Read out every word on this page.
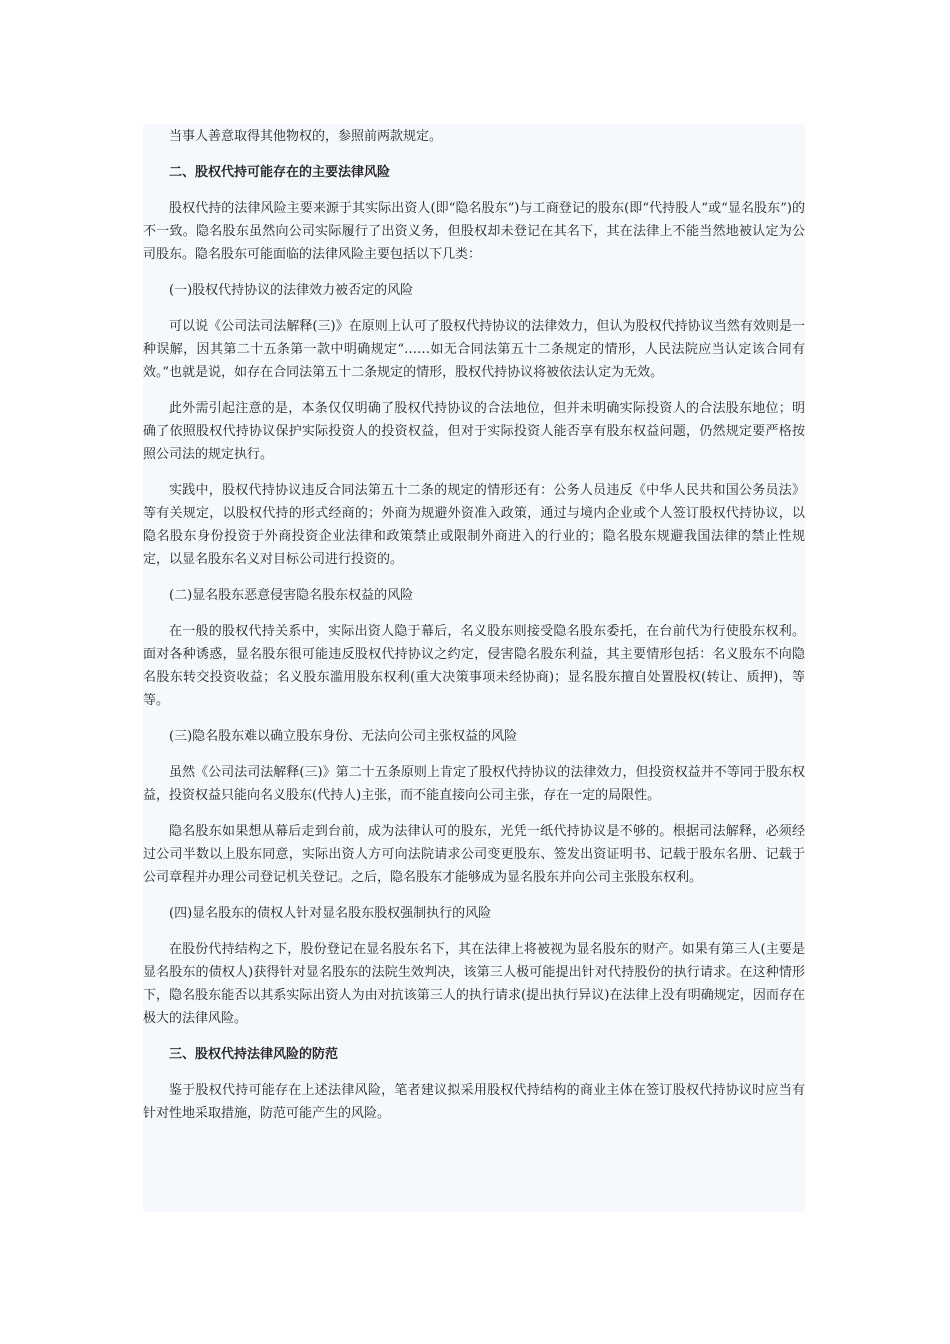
当事人善意取得其他物权的，参照前两款规定。

二、股权代持可能存在的主要法律风险

股权代持的法律风险主要来源于其实际出资人(即“隐名股东”)与工商登记的股东(即“代持股人”或“显名股东”)的不一致。隐名股东虽然向公司实际履行了出资义务，但股权却未登记在其名下，其在法律上不能当然地被认定为公司股东。隐名股东可能面临的法律风险主要包括以下几类：

(一)股权代持协议的法律效力被否定的风险

可以说《公司法司法解释(三)》在原则上认可了股权代持协议的法律效力，但认为股权代持协议当然有效则是一种误解，因其第二十五条第一款中明确规定“……如无合同法第五十二条规定的情形，人民法院应当认定该合同有效。”也就是说，如存在合同法第五十二条规定的情形，股权代持协议将被依法认定为无效。

此外需引起注意的是，本条仅仅明确了股权代持协议的合法地位，但并未明确实际投资人的合法股东地位；明确了依照股权代持协议保护实际投资人的投资权益，但对于实际投资人能否享有股东权益问题，仍然规定要严格按照公司法的规定执行。

实践中，股权代持协议违反合同法第五十二条的规定的情形还有：公务人员违反《中华人民共和国公务员法》等有关规定，以股权代持的形式经商的；外商为规避外资准入政策，通过与境内企业或个人签订股权代持协议，以隐名股东身份投资于外商投资企业法律和政策禁止或限制外商进入的行业的；隐名股东规避我国法律的禁止性规定，以显名股东名义对目标公司进行投资的。

(二)显名股东恶意侵害隐名股东权益的风险

在一般的股权代持关系中，实际出资人隐于幕后，名义股东则接受隐名股东委托，在台前代为行使股东权利。面对各种诱惑，显名股东很可能违反股权代持协议之约定，侵害隐名股东利益，其主要情形包括：名义股东不向隐名股东转交投资收益；名义股东滥用股东权利(重大决策事项未经协商)；显名股东擅自处置股权(转让、质押)，等等。

(三)隐名股东难以确立股东身份、无法向公司主张权益的风险

虽然《公司法司法解释(三)》第二十五条原则上肯定了股权代持协议的法律效力，但投资权益并不等同于股东权益，投资权益只能向名义股东(代持人)主张，而不能直接向公司主张，存在一定的局限性。

隐名股东如果想从幕后走到台前，成为法律认可的股东，光凭一纸代持协议是不够的。根据司法解释，必须经过公司半数以上股东同意，实际出资人方可向法院请求公司变更股东、签发出资证明书、记载于股东名册、记载于公司章程并办理公司登记机关登记。之后，隐名股东才能够成为显名股东并向公司主张股东权利。

(四)显名股东的债权人针对显名股东股权强制执行的风险

在股份代持结构之下，股份登记在显名股东名下，其在法律上将被视为显名股东的财产。如果有第三人(主要是显名股东的债权人)获得针对显名股东的法院生效判决，该第三人极可能提出针对代持股份的执行请求。在这种情形下，隐名股东能否以其系实际出资人为由对抗该第三人的执行请求(提出执行异议)在法律上没有明确规定，因而存在极大的法律风险。

三、股权代持法律风险的防范

鉴于股权代持可能存在上述法律风险，笔者建议拟采用股权代持结构的商业主体在签订股权代持协议时应当有针对性地采取措施，防范可能产生的风险。
